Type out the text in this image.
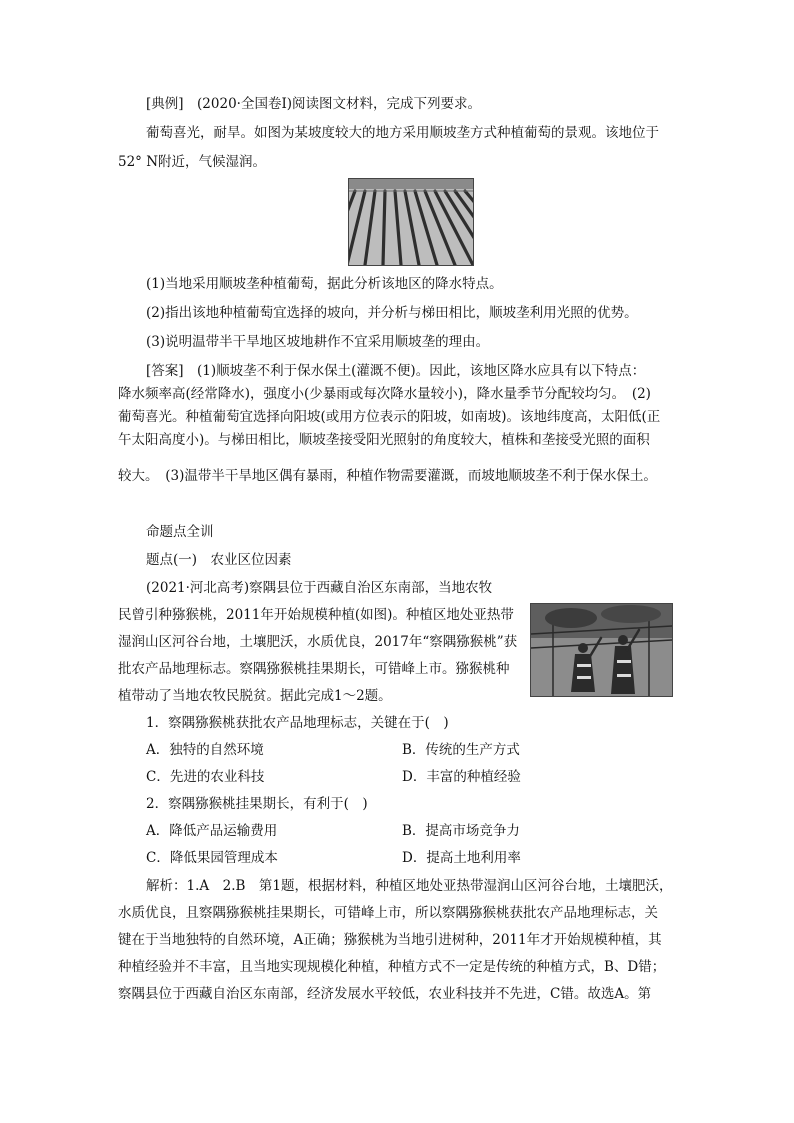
[典例]　(2020·全国卷Ⅰ)阅读图文材料，完成下列要求。
葡萄喜光，耐旱。如图为某坡度较大的地方采用顺坡垄方式种植葡萄的景观。该地位于
52° N附近，气候湿润。
(1)当地采用顺坡垄种植葡萄，据此分析该地区的降水特点。
(2)指出该地种植葡萄宜选择的坡向，并分析与梯田相比，顺坡垄利用光照的优势。
(3)说明温带半干旱地区坡地耕作不宜采用顺坡垄的理由。
[答案]　(1)顺坡垄不利于保水保土(灌溉不便)。因此，该地区降水应具有以下特点：
降水频率高(经常降水)，强度小(少暴雨或每次降水量较小)，降水量季节分配较均匀。　(2)
葡萄喜光。种植葡萄宜选择向阳坡(或用方位表示的阳坡，如南坡)。该地纬度高，太阳低(正
午太阳高度小)。与梯田相比，顺坡垄接受阳光照射的角度较大，植株和垄接受光照的面积
较大。　(3)温带半干旱地区偶有暴雨，种植作物需要灌溉，而坡地顺坡垄不利于保水保土。
命题点全训
题点(一)　农业区位因素
(2021·河北高考)察隅县位于西藏自治区东南部，当地农牧
民曾引种猕猴桃，2011年开始规模种植(如图)。种植区地处亚热带
湿润山区河谷台地，土壤肥沃，水质优良，2017年“察隅猕猴桃”获
批农产品地理标志。察隅猕猴桃挂果期长，可错峰上市。猕猴桃种
植带动了当地农牧民脱贫。据此完成1～2题。
1．察隅猕猴桃获批农产品地理标志，关键在于(　)
A．独特的自然环境	B．传统的生产方式
C．先进的农业科技	D．丰富的种植经验
2．察隅猕猴桃挂果期长，有利于(　)
A．降低产品运输费用	B．提高市场竞争力
C．降低果园管理成本	D．提高土地利用率
解析：1.A　2.B　第1题，根据材料，种植区地处亚热带湿润山区河谷台地，土壤肥沃，
水质优良，且察隅猕猴桃挂果期长，可错峰上市，所以察隅猕猴桃获批农产品地理标志，关
键在于当地独特的自然环境，A正确；猕猴桃为当地引进树种，2011年才开始规模种植，其
种植经验并不丰富，且当地实现规模化种植，种植方式不一定是传统的种植方式，B、D错；
察隅县位于西藏自治区东南部，经济发展水平较低，农业科技并不先进，C错。故选A。第
